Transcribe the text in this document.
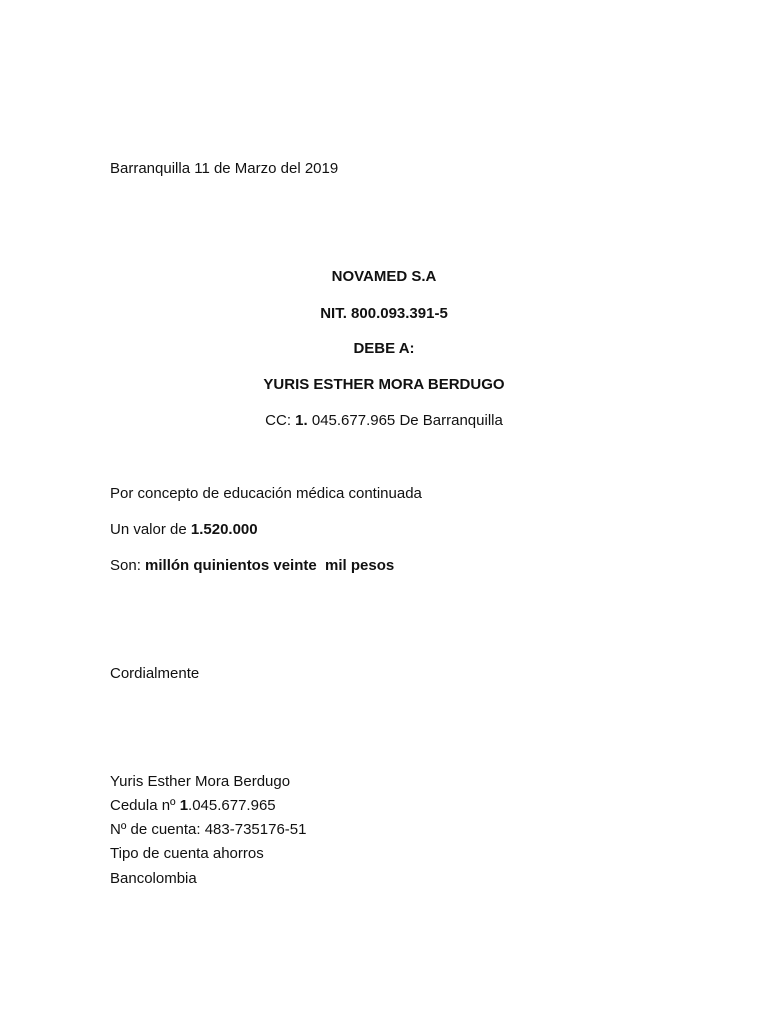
Barranquilla 11 de Marzo del 2019
NOVAMED S.A
NIT. 800.093.391-5
DEBE A:
YURIS ESTHER MORA BERDUGO
CC: 1. 045.677.965 De Barranquilla
Por concepto de educación médica continuada
Un valor de 1.520.000
Son: millón quinientos veinte  mil pesos
Cordialmente
Yuris Esther Mora Berdugo
Cedula nº 1.045.677.965
Nº de cuenta: 483-735176-51
Tipo de cuenta ahorros
Bancolombia
